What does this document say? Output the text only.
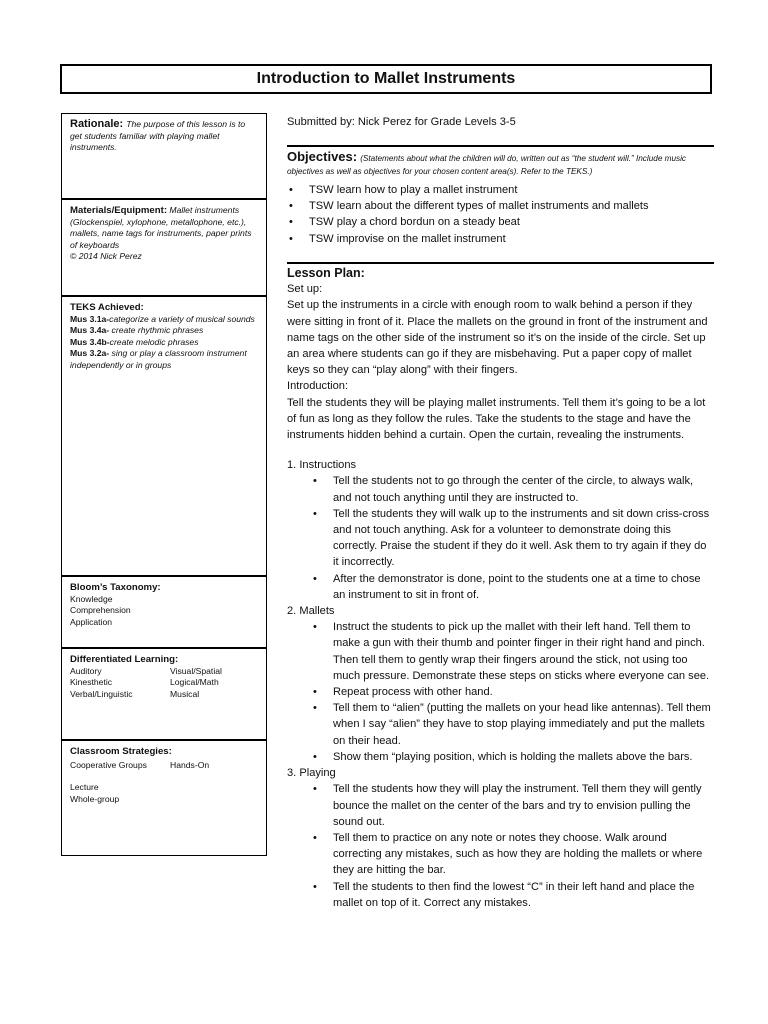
Introduction to Mallet Instruments
Rationale: The purpose of this lesson is to get students familiar with playing mallet instruments.
Materials/Equipment: Mallet instruments (Glockenspiel, xylophone, metallophone, etc.), mallets, name tags for instruments, paper prints of keyboards
© 2014 Nick Perez
TEKS Achieved:
Mus 3.1a-categorize a variety of musical sounds
Mus 3.4a- create rhythmic phrases
Mus 3.4b-create melodic phrases
Mus 3.2a- sing or play a classroom instrument independently or in groups
Bloom’s Taxonomy:
Knowledge
Comprehension
Application
Differentiated Learning:
Auditory	Visual/Spatial
Kinesthetic	Logical/Math
Verbal/Linguistic	Musical
Classroom Strategies:
Cooperative Groups	Hands-On
Lecture
Whole-group
Submitted by: Nick Perez for Grade Levels 3-5
Objectives: (Statements about what the children will do, written out as “the student will.” Include music objectives as well as objectives for your chosen content area(s). Refer to the TEKS.)
• TSW learn how to play a mallet instrument
• TSW learn about the different types of mallet instruments and mallets
• TSW play a chord bordun on a steady beat
• TSW improvise on the mallet instrument
Lesson Plan:
Set up:
Set up the instruments in a circle with enough room to walk behind a person if they were sitting in front of it. Place the mallets on the ground in front of the instrument and name tags on the other side of the instrument so it’s on the inside of the circle. Set up an area where students can go if they are misbehaving. Put a paper copy of mallet keys so they can “play along” with their fingers.
Introduction:
Tell the students they will be playing mallet instruments. Tell them it’s going to be a lot of fun as long as they follow the rules. Take the students to the stage and have the instruments hidden behind a curtain. Open the curtain, revealing the instruments.
1. Instructions
• Tell the students not to go through the center of the circle, to always walk, and not touch anything until they are instructed to.
• Tell the students they will walk up to the instruments and sit down criss-cross and not touch anything. Ask for a volunteer to demonstrate doing this correctly. Praise the student if they do it well. Ask them to try again if they do it incorrectly.
• After the demonstrator is done, point to the students one at a time to chose an instrument to sit in front of.
2. Mallets
• Instruct the students to pick up the mallet with their left hand. Tell them to make a gun with their thumb and pointer finger in their right hand and pinch. Then tell them to gently wrap their fingers around the stick, not using too much pressure. Demonstrate these steps on sticks where everyone can see.
• Repeat process with other hand.
• Tell them to “alien” (putting the mallets on your head like antennas). Tell them when I say “alien” they have to stop playing immediately and put the mallets on their head.
• Show them “playing position, which is holding the mallets above the bars.
3. Playing
• Tell the students how they will play the instrument. Tell them they will gently bounce the mallet on the center of the bars and try to envision pulling the sound out.
• Tell them to practice on any note or notes they choose. Walk around correcting any mistakes, such as how they are holding the mallets or where they are hitting the bar.
• Tell the students to then find the lowest “C” in their left hand and place the mallet on top of it. Correct any mistakes.
